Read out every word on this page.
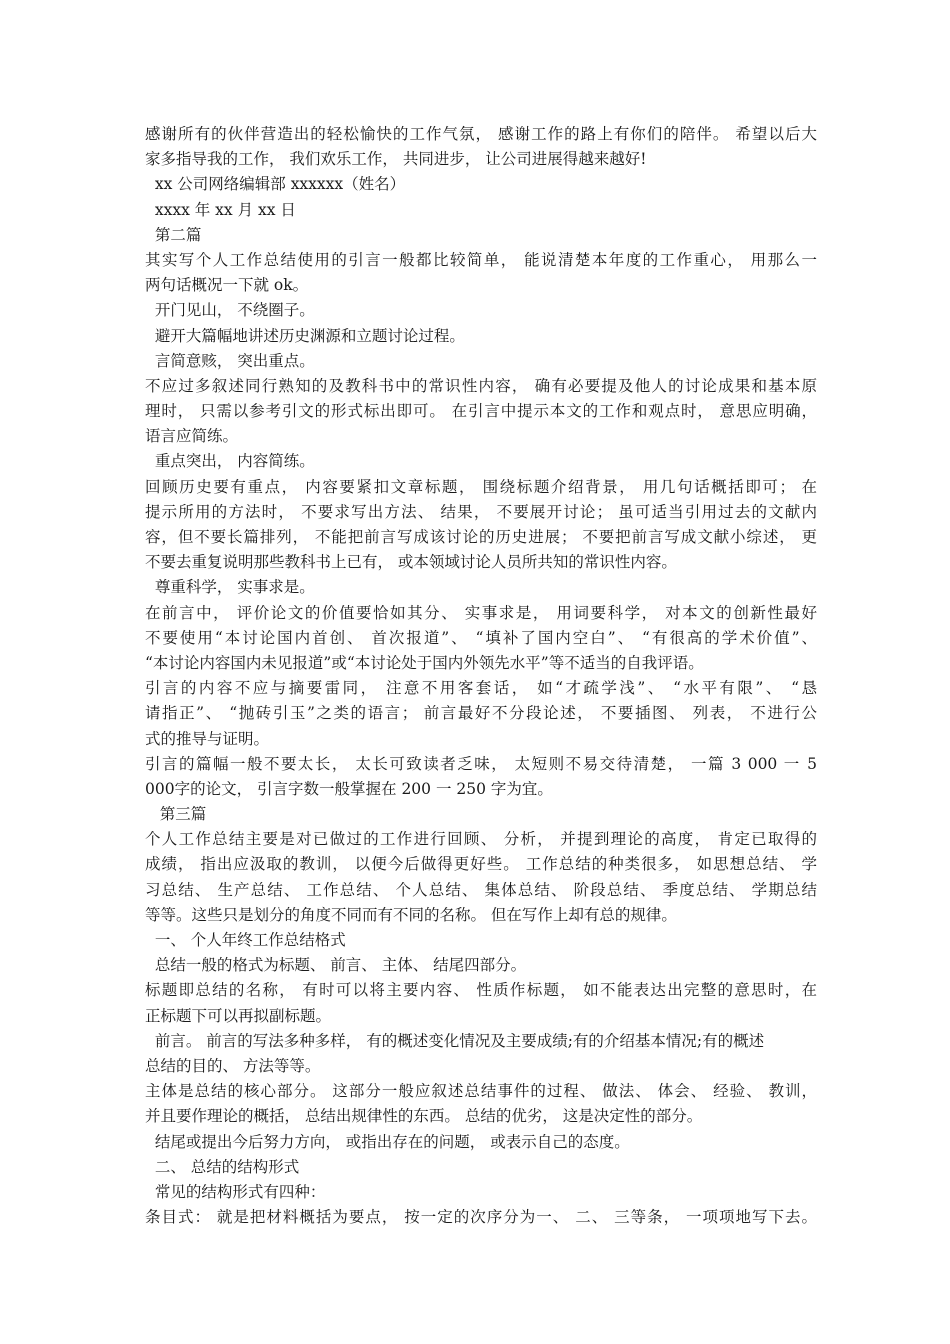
感谢所有的伙伴营造出的轻松愉快的工作气氛， 感谢工作的路上有你们的陪伴。 希望以后大
家多指导我的工作， 我们欢乐工作， 共同进步， 让公司进展得越来越好!
xx 公司网络编辑部 xxxxxx（姓名）
xxxx 年 xx 月 xx 日
第二篇
其实写个人工作总结使用的引言一般都比较简单， 能说清楚本年度的工作重心， 用那么一
两句话概况一下就 ok。
开门见山， 不绕圈子。
避开大篇幅地讲述历史渊源和立题讨论过程。
言简意赅， 突出重点。
不应过多叙述同行熟知的及教科书中的常识性内容， 确有必要提及他人的讨论成果和基本原
理时， 只需以参考引文的形式标出即可。 在引言中提示本文的工作和观点时， 意思应明确，
语言应简练。
重点突出， 内容简练。
回顾历史要有重点， 内容要紧扣文章标题， 围绕标题介绍背景， 用几句话概括即可； 在
提示所用的方法时， 不要求写出方法、 结果， 不要展开讨论； 虽可适当引用过去的文献内
容，但不要长篇排列， 不能把前言写成该讨论的历史进展； 不要把前言写成文献小综述， 更
不要去重复说明那些教科书上已有， 或本领域讨论人员所共知的常识性内容。
尊重科学， 实事求是。
在前言中， 评价论文的价值要恰如其分、 实事求是， 用词要科学， 对本文的创新性最好
不要使用“本讨论国内首创、 首次报道”、 “填补了国内空白”、 “有很高的学术价值”、
“本讨论内容国内未见报道”或“本讨论处于国内外领先水平”等不适当的自我评语。
引言的内容不应与摘要雷同， 注意不用客套话， 如“才疏学浅”、 “水平有限”、 “恳
请指正”、 “抛砖引玉”之类的语言； 前言最好不分段论述， 不要插图、 列表， 不进行公
式的推导与证明。
引言的篇幅一般不要太长， 太长可致读者乏味， 太短则不易交待清楚， 一篇 3 000 一 5
000字的论文， 引言字数一般掌握在 200 一 250 字为宜。
第三篇
个人工作总结主要是对已做过的工作进行回顾、 分析， 并提到理论的高度， 肯定已取得的
成绩， 指出应汲取的教训， 以便今后做得更好些。 工作总结的种类很多， 如思想总结、 学
习总结、 生产总结、 工作总结、 个人总结、 集体总结、 阶段总结、 季度总结、 学期总结
等等。这些只是划分的角度不同而有不同的名称。 但在写作上却有总的规律。
一、 个人年终工作总结格式
总结一般的格式为标题、 前言、 主体、 结尾四部分。
标题即总结的名称， 有时可以将主要内容、 性质作标题， 如不能表达出完整的意思时，在
正标题下可以再拟副标题。
前言。 前言的写法多种多样， 有的概述变化情况及主要成绩;有的介绍基本情况;有的概述
总结的目的、 方法等等。
主体是总结的核心部分。 这部分一般应叙述总结事件的过程、 做法、 体会、 经验、 教训，
并且要作理论的概括， 总结出规律性的东西。 总结的优劣， 这是决定性的部分。
结尾或提出今后努力方向， 或指出存在的问题， 或表示自己的态度。
二、 总结的结构形式
常见的结构形式有四种：
条目式： 就是把材料概括为要点， 按一定的次序分为一、 二、 三等条， 一项项地写下去。
